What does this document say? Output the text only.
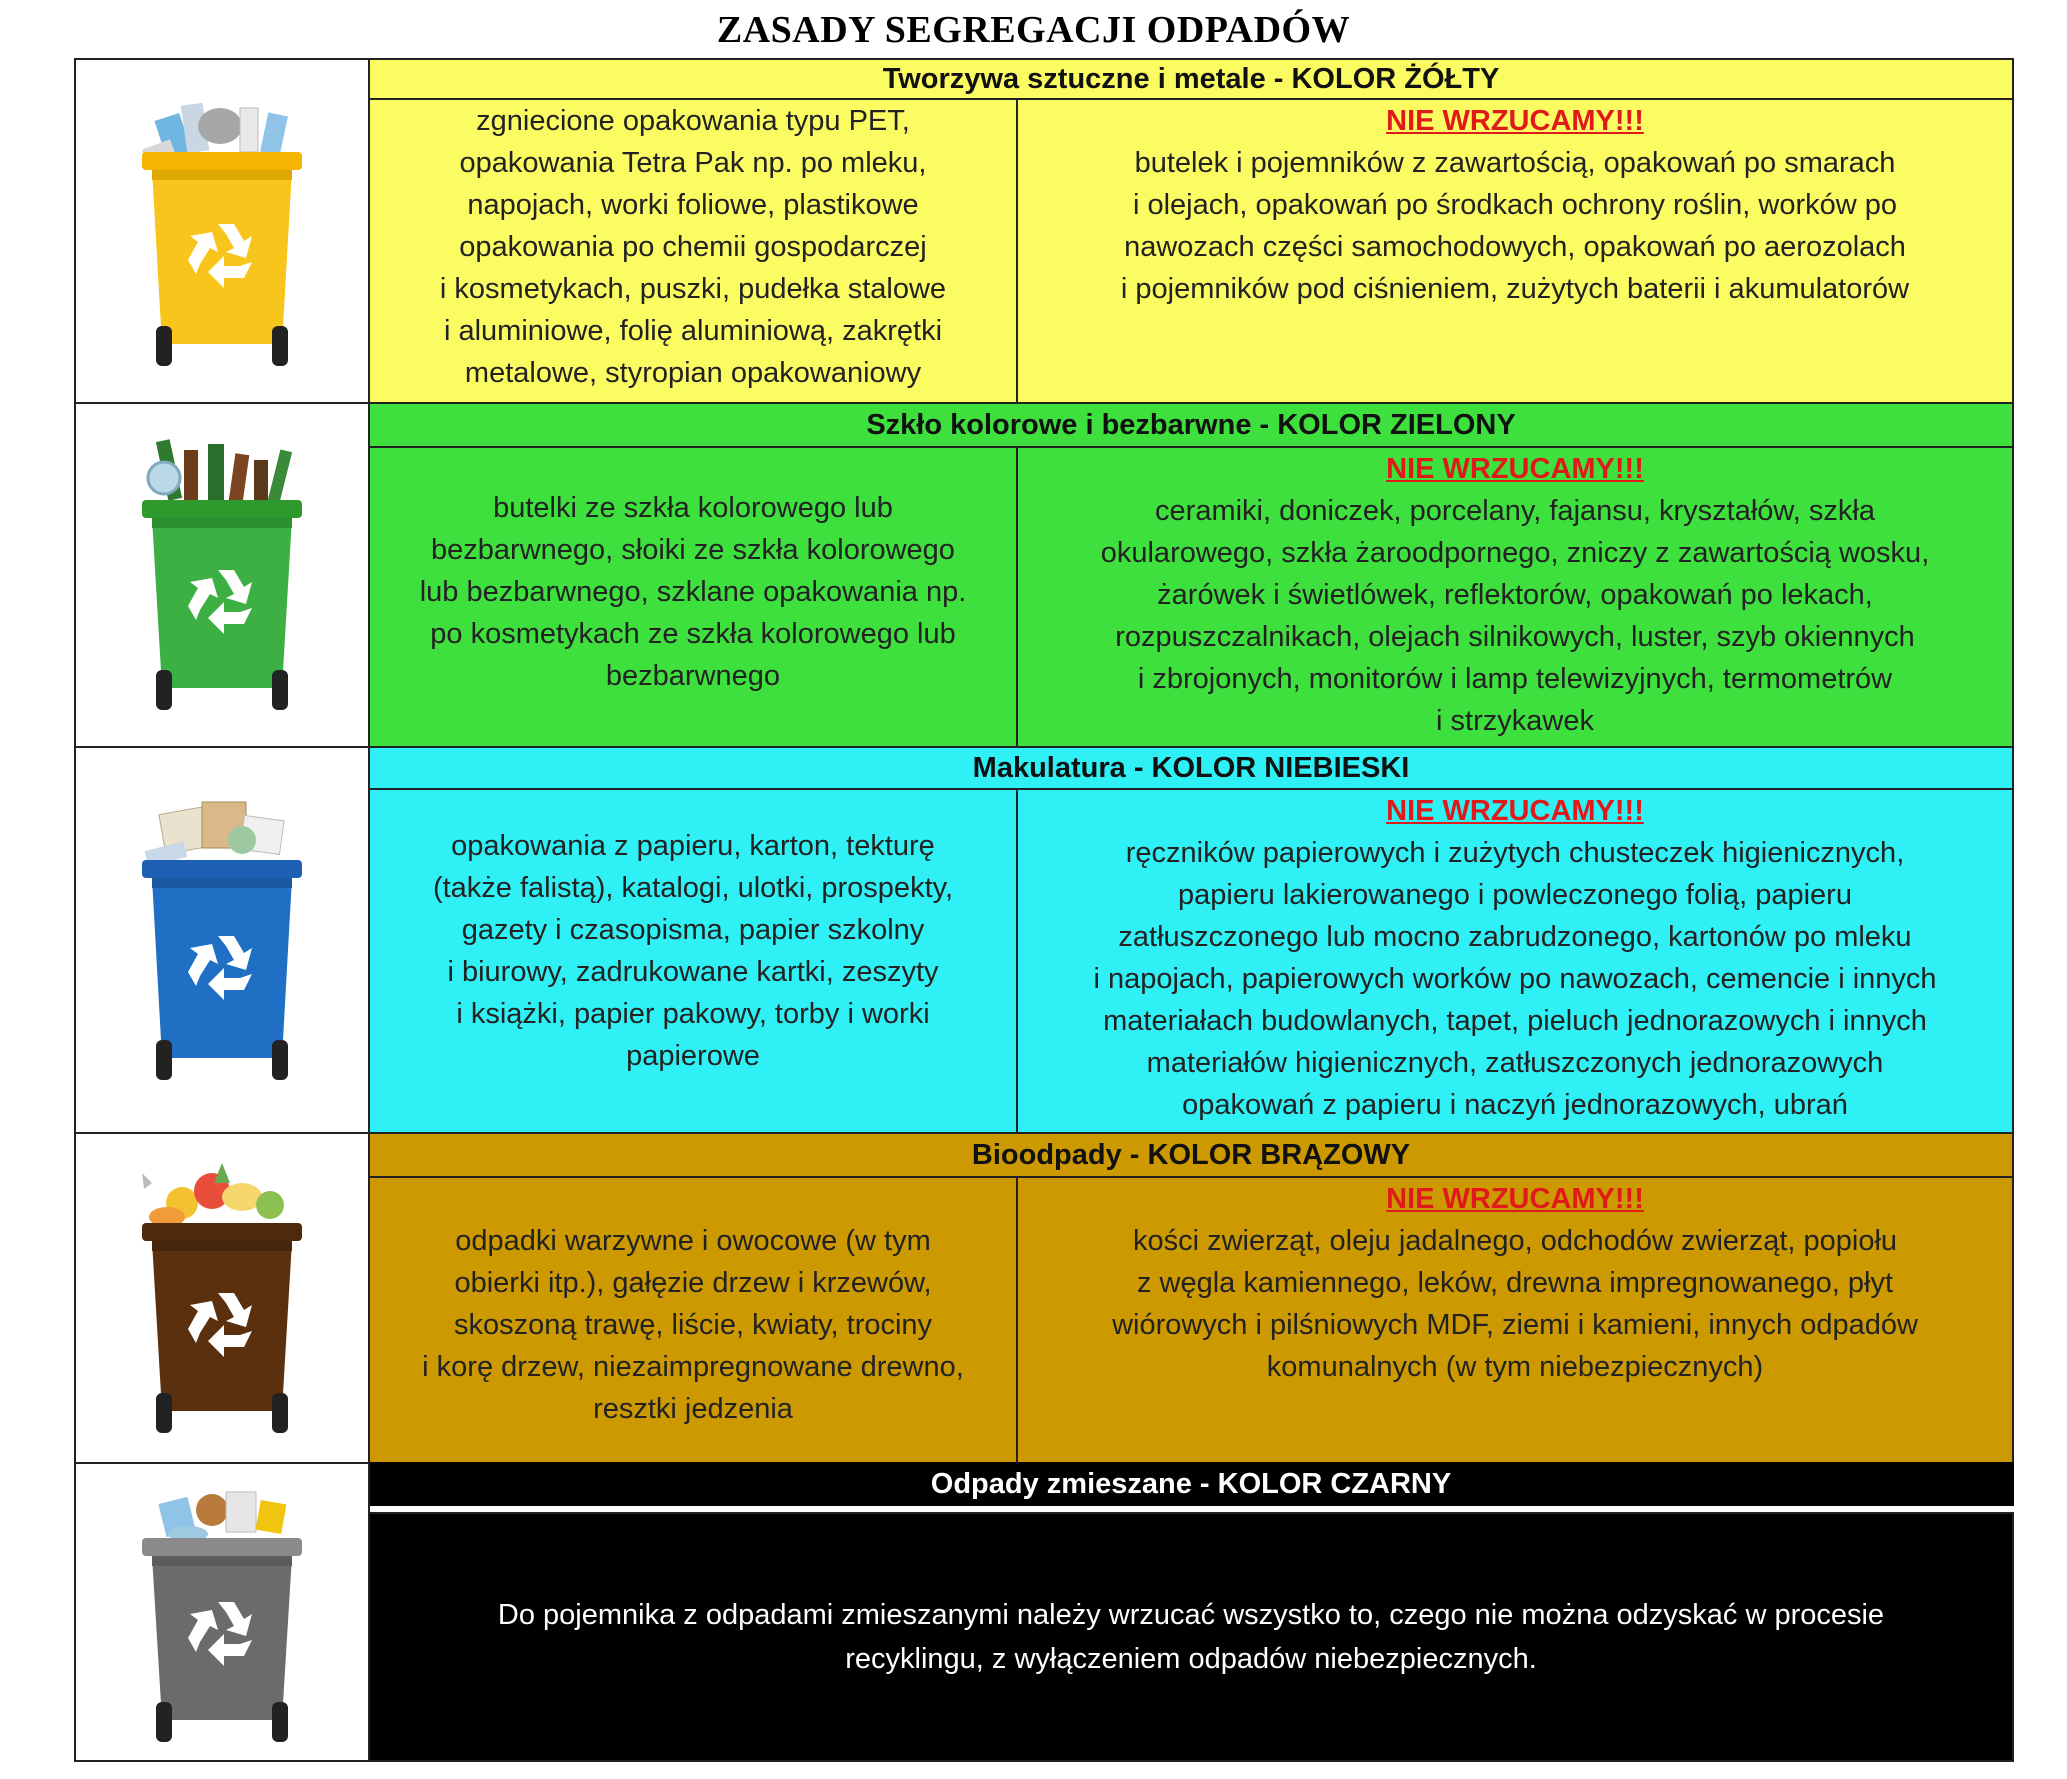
ZASADY SEGREGACJI ODPADÓW
Tworzywa sztuczne i metale - KOLOR ŻÓŁTY
zgniecione opakowania typu PET,
opakowania Tetra Pak np. po mleku,
napojach, worki foliowe, plastikowe
opakowania po chemii gospodarczej
i kosmetykach, puszki, pudełka stalowe
i aluminiowe, folię aluminiową, zakrętki
metalowe, styropian opakowaniowy
NIE WRZUCAMY!!!
butelek i pojemników z zawartością, opakowań po smarach
i olejach, opakowań po środkach ochrony roślin, worków po
nawozach części samochodowych, opakowań po aerozolach
i pojemników pod ciśnieniem, zużytych baterii i akumulatorów
Szkło kolorowe i bezbarwne - KOLOR ZIELONY
butelki ze szkła kolorowego lub
bezbarwnego, słoiki ze szkła kolorowego
lub bezbarwnego, szklane opakowania np.
po kosmetykach ze szkła kolorowego lub
bezbarwnego
NIE WRZUCAMY!!!
ceramiki, doniczek, porcelany, fajansu, kryształów, szkła
okularowego, szkła żaroodpornego, zniczy z zawartością wosku,
żarówek i świetlówek, reflektorów, opakowań po lekach,
rozpuszczalnikach, olejach silnikowych, luster, szyb okiennych
i zbrojonych, monitorów i lamp telewizyjnych, termometrów
i strzykawek
Makulatura - KOLOR NIEBIESKI
opakowania z papieru, karton, tekturę
(także falistą), katalogi, ulotki, prospekty,
gazety i czasopisma, papier szkolny
i biurowy, zadrukowane kartki, zeszyty
i książki, papier pakowy, torby i worki
papierowe
NIE WRZUCAMY!!!
ręczników papierowych i zużytych chusteczek higienicznych,
papieru lakierowanego i powleczonego folią, papieru
zatłuszczonego lub mocno zabrudzonego, kartonów po mleku
i napojach, papierowych worków po nawozach, cemencie i innych
materiałach budowlanych, tapet, pieluch jednorazowych i innych
materiałów higienicznych, zatłuszczonych jednorazowych
opakowań z papieru i naczyń jednorazowych, ubrań
Bioodpady - KOLOR BRĄZOWY
odpadki warzywne i owocowe (w tym
obierki itp.), gałęzie drzew i krzewów,
skoszoną trawę, liście, kwiaty, trociny
i korę drzew, niezaimpregnowane drewno,
resztki jedzenia
NIE WRZUCAMY!!!
kości zwierząt, oleju jadalnego, odchodów zwierząt, popiołu
z węgla kamiennego, leków, drewna impregnowanego, płyt
wiórowych i pilśniowych MDF, ziemi i kamieni, innych odpadów
komunalnych (w tym niebezpiecznych)
Odpady zmieszane - KOLOR CZARNY
Do pojemnika z odpadami zmieszanymi należy wrzucać wszystko to, czego nie można odzyskać w procesie
recyklingu, z wyłączeniem odpadów niebezpiecznych.
